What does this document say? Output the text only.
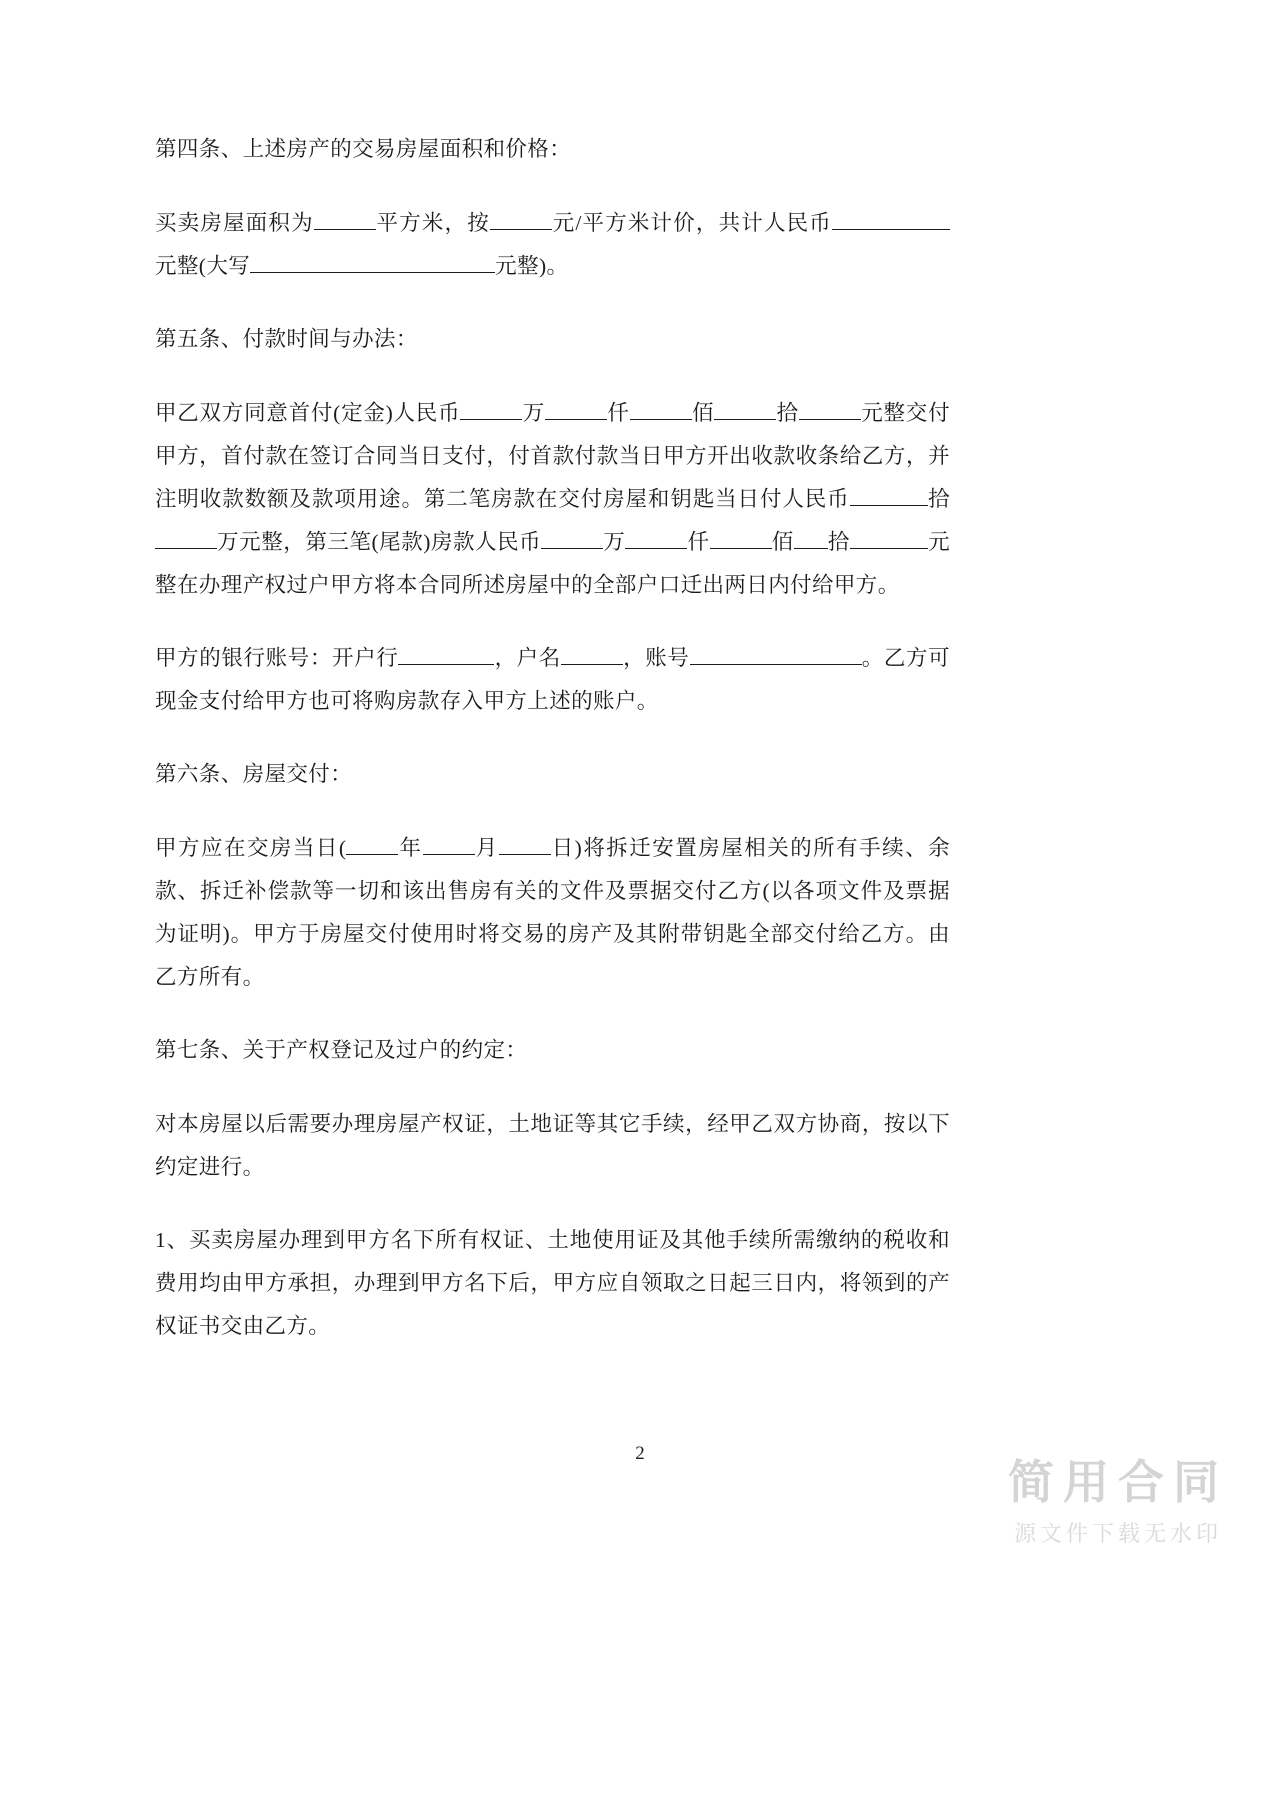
第四条、上述房产的交易房屋面积和价格：

买卖房屋面积为	平方米，按	元/平方米计价，共计人民币元整(大写	元整)。

第五条、付款时间与办法：

甲乙双方同意首付(定金)人民币	万	仟	佰	拾	元整交付甲方，首付款在签订合同当日支付，付首款付款当日甲方开出收款收条给乙方，并注明收款数额及款项用途。第二笔房款在交付房屋和钥匙当日付人民币	拾万元整，第三笔(尾款)房款人民币	万	仟	佰 拾	元整在办理产权过户甲方将本合同所述房屋中的全部户口迁出两日内付给甲方。

甲方的银行账号：开户行	，户名	，账号	。乙方可现金支付给甲方也可将购房款存入甲方上述的账户。

第六条、房屋交付：

甲方应在交房当日( 年 月 日)将拆迁安置房屋相关的所有手续、余款、拆迁补偿款等一切和该出售房有关的文件及票据交付乙方(以各项文件及票据为证明)。甲方于房屋交付使用时将交易的房产及其附带钥匙全部交付给乙方。由乙方所有。

第七条、关于产权登记及过户的约定：

对本房屋以后需要办理房屋产权证，土地证等其它手续，经甲乙双方协商，按以下约定进行。

1、买卖房屋办理到甲方名下所有权证、土地使用证及其他手续所需缴纳的税收和费用均由甲方承担，办理到甲方名下后，甲方应自领取之日起三日内，将领到的产权证书交由乙方。

2
简用合同
源文件下载无水印
